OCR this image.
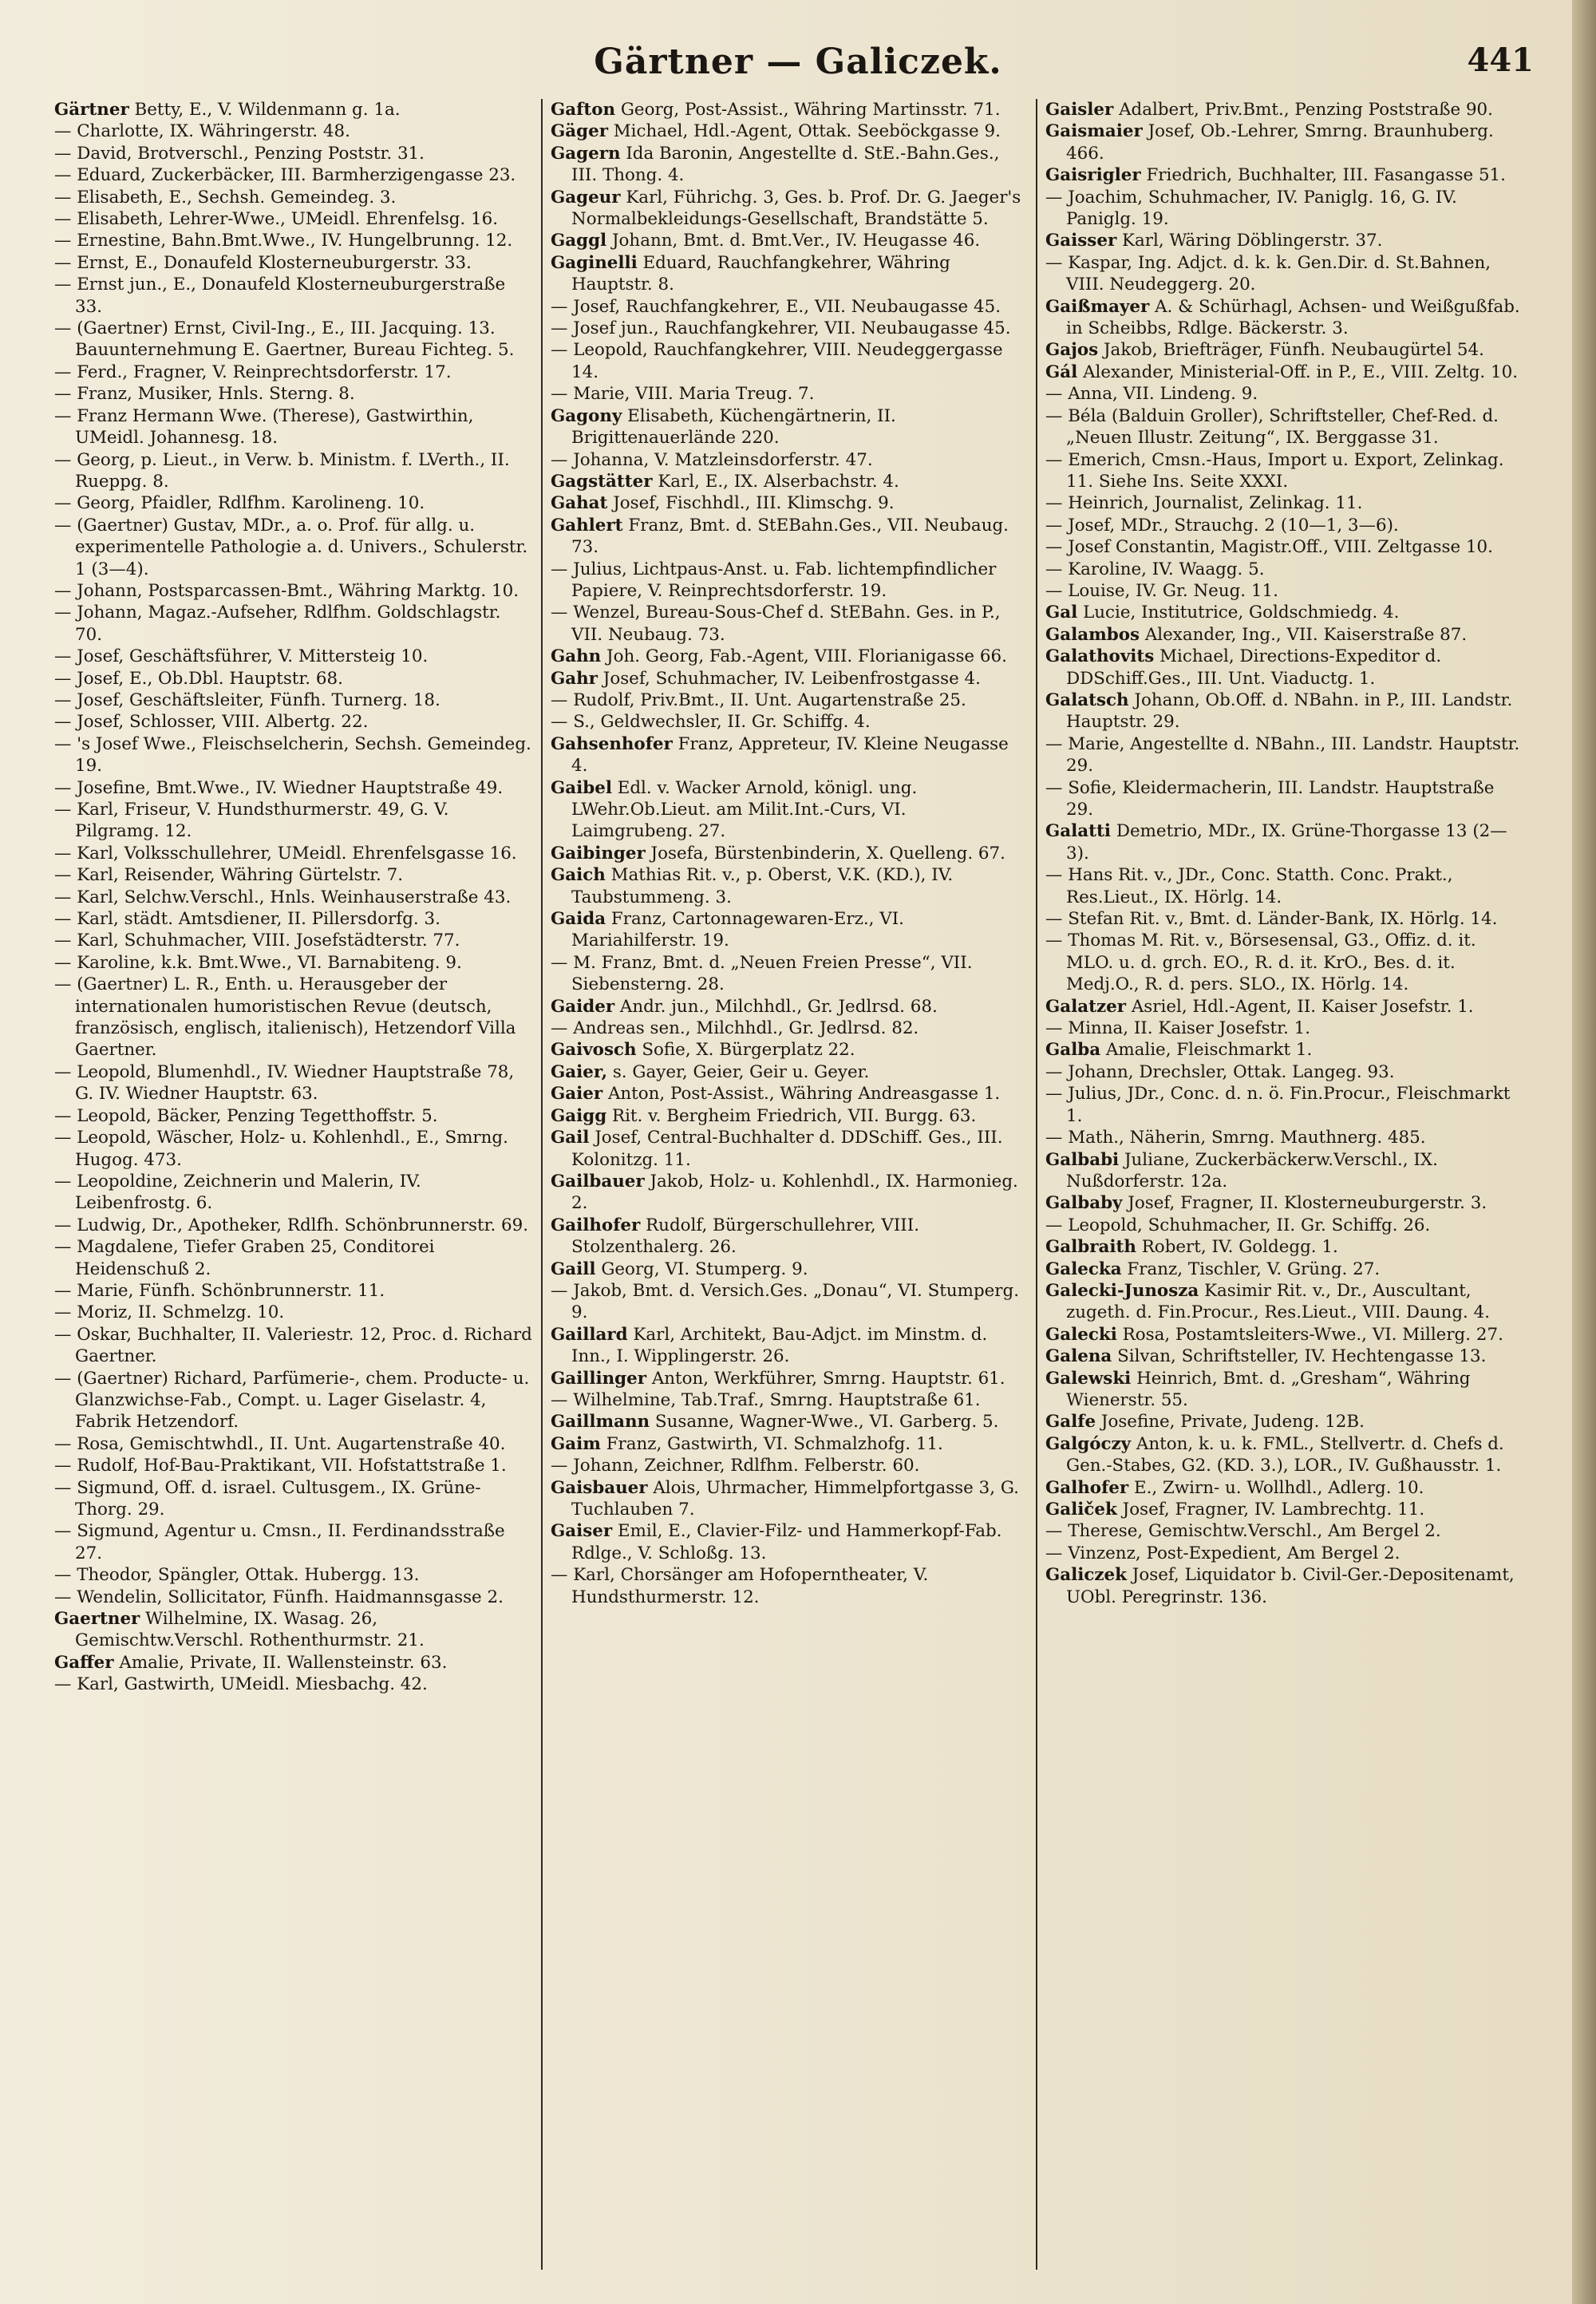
Gärtner — Galiczek.	441

Gärtner Betty, E., V. Wildenmann g. 1a.

— Charlotte, IX. Währingerstr. 48.

— David, Brotverschl., Penzing Poststr. 31.

— Eduard, Zuckerbäcker, III. Barmherzigengasse 23.

— Elisabeth, E., Sechsh. Gemeindeg. 3.

— Elisabeth, Lehrer-Wwe., UMeidl. Ehrenfelsg. 16.

— Ernestine, Bahn.Bmt.Wwe., IV. Hungelbrunng. 12.

— Ernst, E., Donaufeld Klosterneuburgerstr. 33.

— Ernst jun., E., Donaufeld Klosterneuburgerstraße 33.

— (Gaertner) Ernst, Civil-Ing., E., III. Jacquing. 13. Bauunternehmung E. Gaertner, Bureau Fichteg. 5.

— Ferd., Fragner, V. Reinprechtsdorferstr. 17.

— Franz, Musiker, Hnls. Sterng. 8.

— Franz Hermann Wwe. (Therese), Gastwirthin, UMeidl. Johannesg. 18.

— Georg, p. Lieut., in Verw. b. Ministm. f. LVerth., II. Rueppg. 8.

— Georg, Pfaidler, Rdlfhm. Karolineng. 10.

— (Gaertner) Gustav, MDr., a. o. Prof. für allg. u. experimentelle Pathologie a. d. Univers., Schulerstr. 1 (3—4).

— Johann, Postsparcassen-Bmt., Währing Marktg. 10.

— Johann, Magaz.-Aufseher, Rdlfhm. Goldschlagstr. 70.

— Josef, Geschäftsführer, V. Mittersteig 10.

— Josef, E., Ob.Dbl. Hauptstr. 68.

— Josef, Geschäftsleiter, Fünfh. Turnerg. 18.

— Josef, Schlosser, VIII. Albertg. 22.

— 's Josef Wwe., Fleischselcherin, Sechsh. Gemeindeg. 19.

— Josefine, Bmt.Wwe., IV. Wiedner Hauptstraße 49.

— Karl, Friseur, V. Hundsthurmerstr. 49, G. V. Pilgramg. 12.

— Karl, Volksschullehrer, UMeidl. Ehrenfelsgasse 16.

— Karl, Reisender, Währing Gürtelstr. 7.

— Karl, Selchw.Verschl., Hnls. Weinhauserstraße 43.

— Karl, städt. Amtsdiener, II. Pillersdorfg. 3.

— Karl, Schuhmacher, VIII. Josefstädterstr. 77.

— Karoline, k.k. Bmt.Wwe., VI. Barnabiteng. 9.

— (Gaertner) L. R., Enth. u. Herausgeber der internationalen humoristischen Revue (deutsch, französisch, englisch, italienisch), Hetzendorf Villa Gaertner.

— Leopold, Blumenhdl., IV. Wiedner Hauptstraße 78, G. IV. Wiedner Hauptstr. 63.

— Leopold, Bäcker, Penzing Tegetthoffstr. 5.

— Leopold, Wäscher, Holz- u. Kohlenhdl., E., Smrng. Hugog. 473.

— Leopoldine, Zeichnerin und Malerin, IV. Leibenfrostg. 6.

— Ludwig, Dr., Apotheker, Rdlfh. Schönbrunnerstr. 69.

— Magdalene, Tiefer Graben 25, Conditorei Heidenschuß 2.

— Marie, Fünfh. Schönbrunnerstr. 11.

— Moriz, II. Schmelzg. 10.

— Oskar, Buchhalter, II. Valeriestr. 12, Proc. d. Richard Gaertner.

— (Gaertner) Richard, Parfümerie-, chem. Producte- u. Glanzwichse-Fab., Compt. u. Lager Giselastr. 4, Fabrik Hetzendorf.

— Rosa, Gemischtwhdl., II. Unt. Augartenstraße 40.

— Rudolf, Hof-Bau-Praktikant, VII. Hofstattstraße 1.

— Sigmund, Off. d. israel. Cultusgem., IX. Grüne-Thorg. 29.

— Sigmund, Agentur u. Cmsn., II. Ferdinandsstraße 27.

— Theodor, Spängler, Ottak. Hubergg. 13.

— Wendelin, Sollicitator, Fünfh. Haidmannsgasse 2.

Gaertner Wilhelmine, IX. Wasag. 26, Gemischtw.Verschl. Rothenthurmstr. 21.

Gaffer Amalie, Private, II. Wallensteinstr. 63.

— Karl, Gastwirth, UMeidl. Miesbachg. 42.

Gafton Georg, Post-Assist., Währing Martinsstr. 71.

Gäger Michael, Hdl.-Agent, Ottak. Seeböckgasse 9.

Gagern Ida Baronin, Angestellte d. StE.-Bahn.Ges., III. Thong. 4.

Gageur Karl, Führichg. 3, Ges. b. Prof. Dr. G. Jaeger's Normalbekleidungs-Gesellschaft, Brandstätte 5.

Gaggl Johann, Bmt. d. Bmt.Ver., IV. Heugasse 46.

Gaginelli Eduard, Rauchfangkehrer, Währing Hauptstr. 8.

— Josef, Rauchfangkehrer, E., VII. Neubaugasse 45.

— Josef jun., Rauchfangkehrer, VII. Neubaugasse 45.

— Leopold, Rauchfangkehrer, VIII. Neudeggergasse 14.

— Marie, VIII. Maria Treug. 7.

Gagony Elisabeth, Küchengärtnerin, II. Brigittenauerlände 220.

— Johanna, V. Matzleinsdorferstr. 47.

Gagstätter Karl, E., IX. Alserbachstr. 4.

Gahat Josef, Fischhdl., III. Klimschg. 9.

Gahlert Franz, Bmt. d. StEBahn.Ges., VII. Neubaug. 73.

— Julius, Lichtpaus-Anst. u. Fab. lichtempfindlicher Papiere, V. Reinprechtsdorferstr. 19.

— Wenzel, Bureau-Sous-Chef d. StEBahn. Ges. in P., VII. Neubaug. 73.

Gahn Joh. Georg, Fab.-Agent, VIII. Florianigasse 66.

Gahr Josef, Schuhmacher, IV. Leibenfrostgasse 4.

— Rudolf, Priv.Bmt., II. Unt. Augartenstraße 25.

— S., Geldwechsler, II. Gr. Schiffg. 4.

Gahsenhofer Franz, Appreteur, IV. Kleine Neugasse 4.

Gaibel Edl. v. Wacker Arnold, königl. ung. LWehr.Ob.Lieut. am Milit.Int.-Curs, VI. Laimgrubeng. 27.

Gaibinger Josefa, Bürstenbinderin, X. Quelleng. 67.

Gaich Mathias Rit. v., p. Oberst, V.K. (KD.), IV. Taubstummeng. 3.

Gaida Franz, Cartonnagewaren-Erz., VI. Mariahilferstr. 19.

— M. Franz, Bmt. d. „Neuen Freien Presse“, VII. Siebensterng. 28.

Gaider Andr. jun., Milchhdl., Gr. Jedlrsd. 68.

— Andreas sen., Milchhdl., Gr. Jedlrsd. 82.

Gaivosch Sofie, X. Bürgerplatz 22.

Gaier, s. Gayer, Geier, Geir u. Geyer.

Gaier Anton, Post-Assist., Währing Andreasgasse 1.

Gaigg Rit. v. Bergheim Friedrich, VII. Burgg. 63.

Gail Josef, Central-Buchhalter d. DDSchiff. Ges., III. Kolonitzg. 11.

Gailbauer Jakob, Holz- u. Kohlenhdl., IX. Harmonieg. 2.

Gailhofer Rudolf, Bürgerschullehrer, VIII. Stolzenthalerg. 26.

Gaill Georg, VI. Stumperg. 9.

— Jakob, Bmt. d. Versich.Ges. „Donau“, VI. Stumperg. 9.

Gaillard Karl, Architekt, Bau-Adjct. im Minstm. d. Inn., I. Wipplingerstr. 26.

Gaillinger Anton, Werkführer, Smrng. Hauptstr. 61.

— Wilhelmine, Tab.Traf., Smrng. Hauptstraße 61.

Gaillmann Susanne, Wagner-Wwe., VI. Garberg. 5.

Gaim Franz, Gastwirth, VI. Schmalzhofg. 11.

— Johann, Zeichner, Rdlfhm. Felberstr. 60.

Gaisbauer Alois, Uhrmacher, Himmelpfortgasse 3, G. Tuchlauben 7.

Gaiser Emil, E., Clavier-Filz- und Hammerkopf-Fab. Rdlge., V. Schloßg. 13.

— Karl, Chorsänger am Hofoperntheater, V. Hundsthurmerstr. 12.

Gaisler Adalbert, Priv.Bmt., Penzing Poststraße 90.

Gaismaier Josef, Ob.-Lehrer, Smrng. Braunhuberg. 466.

Gaisrigler Friedrich, Buchhalter, III. Fasangasse 51.

— Joachim, Schuhmacher, IV. Paniglg. 16, G. IV. Paniglg. 19.

Gaisser Karl, Wäring Döblingerstr. 37.

— Kaspar, Ing. Adjct. d. k. k. Gen.Dir. d. St.Bahnen, VIII. Neudeggerg. 20.

Gaißmayer A. & Schürhagl, Achsen- und Weißgußfab. in Scheibbs, Rdlge. Bäckerstr. 3.

Gajos Jakob, Briefträger, Fünfh. Neubaugürtel 54.

Gál Alexander, Ministerial-Off. in P., E., VIII. Zeltg. 10.

— Anna, VII. Lindeng. 9.

— Béla (Balduin Groller), Schriftsteller, Chef-Red. d. „Neuen Illustr. Zeitung“, IX. Berggasse 31.

— Emerich, Cmsn.-Haus, Import u. Export, Zelinkag. 11. Siehe Ins. Seite XXXI.

— Heinrich, Journalist, Zelinkag. 11.

— Josef, MDr., Strauchg. 2 (10—1, 3—6).

— Josef Constantin, Magistr.Off., VIII. Zeltgasse 10.

— Karoline, IV. Waagg. 5.

— Louise, IV. Gr. Neug. 11.

Gal Lucie, Institutrice, Goldschmiedg. 4.

Galambos Alexander, Ing., VII. Kaiserstraße 87.

Galathovits Michael, Directions-Expeditor d. DDSchiff.Ges., III. Unt. Viaductg. 1.

Galatsch Johann, Ob.Off. d. NBahn. in P., III. Landstr. Hauptstr. 29.

— Marie, Angestellte d. NBahn., III. Landstr. Hauptstr. 29.

— Sofie, Kleidermacherin, III. Landstr. Hauptstraße 29.

Galatti Demetrio, MDr., IX. Grüne-Thorgasse 13 (2—3).

— Hans Rit. v., JDr., Conc. Statth. Conc. Prakt., Res.Lieut., IX. Hörlg. 14.

— Stefan Rit. v., Bmt. d. Länder-Bank, IX. Hörlg. 14.

— Thomas M. Rit. v., Börsesensal, G3., Offiz. d. it. MLO. u. d. grch. EO., R. d. it. KrO., Bes. d. it. Medj.O., R. d. pers. SLO., IX. Hörlg. 14.

Galatzer Asriel, Hdl.-Agent, II. Kaiser Josefstr. 1.

— Minna, II. Kaiser Josefstr. 1.

Galba Amalie, Fleischmarkt 1.

— Johann, Drechsler, Ottak. Langeg. 93.

— Julius, JDr., Conc. d. n. ö. Fin.Procur., Fleischmarkt 1.

— Math., Näherin, Smrng. Mauthnerg. 485.

Galbabi Juliane, Zuckerbäckerw.Verschl., IX. Nußdorferstr. 12a.

Galbaby Josef, Fragner, II. Klosterneuburgerstr. 3.

— Leopold, Schuhmacher, II. Gr. Schiffg. 26.

Galbraith Robert, IV. Goldegg. 1.

Galecka Franz, Tischler, V. Grüng. 27.

Galecki-Junosza Kasimir Rit. v., Dr., Auscultant, zugeth. d. Fin.Procur., Res.Lieut., VIII. Daung. 4.

Galecki Rosa, Postamtsleiters-Wwe., VI. Millerg. 27.

Galena Silvan, Schriftsteller, IV. Hechtengasse 13.

Galewski Heinrich, Bmt. d. „Gresham“, Währing Wienerstr. 55.

Galfe Josefine, Private, Judeng. 12B.

Galgóczy Anton, k. u. k. FML., Stellvertr. d. Chefs d. Gen.-Stabes, G2. (KD. 3.), LOR., IV. Gußhausstr. 1.

Galhofer E., Zwirn- u. Wollhdl., Adlerg. 10.

Galiček Josef, Fragner, IV. Lambrechtg. 11.

— Therese, Gemischtw.Verschl., Am Bergel 2.

— Vinzenz, Post-Expedient, Am Bergel 2.

Galiczek Josef, Liquidator b. Civil-Ger.-Depositenamt, UObl. Peregrinstr. 136.
